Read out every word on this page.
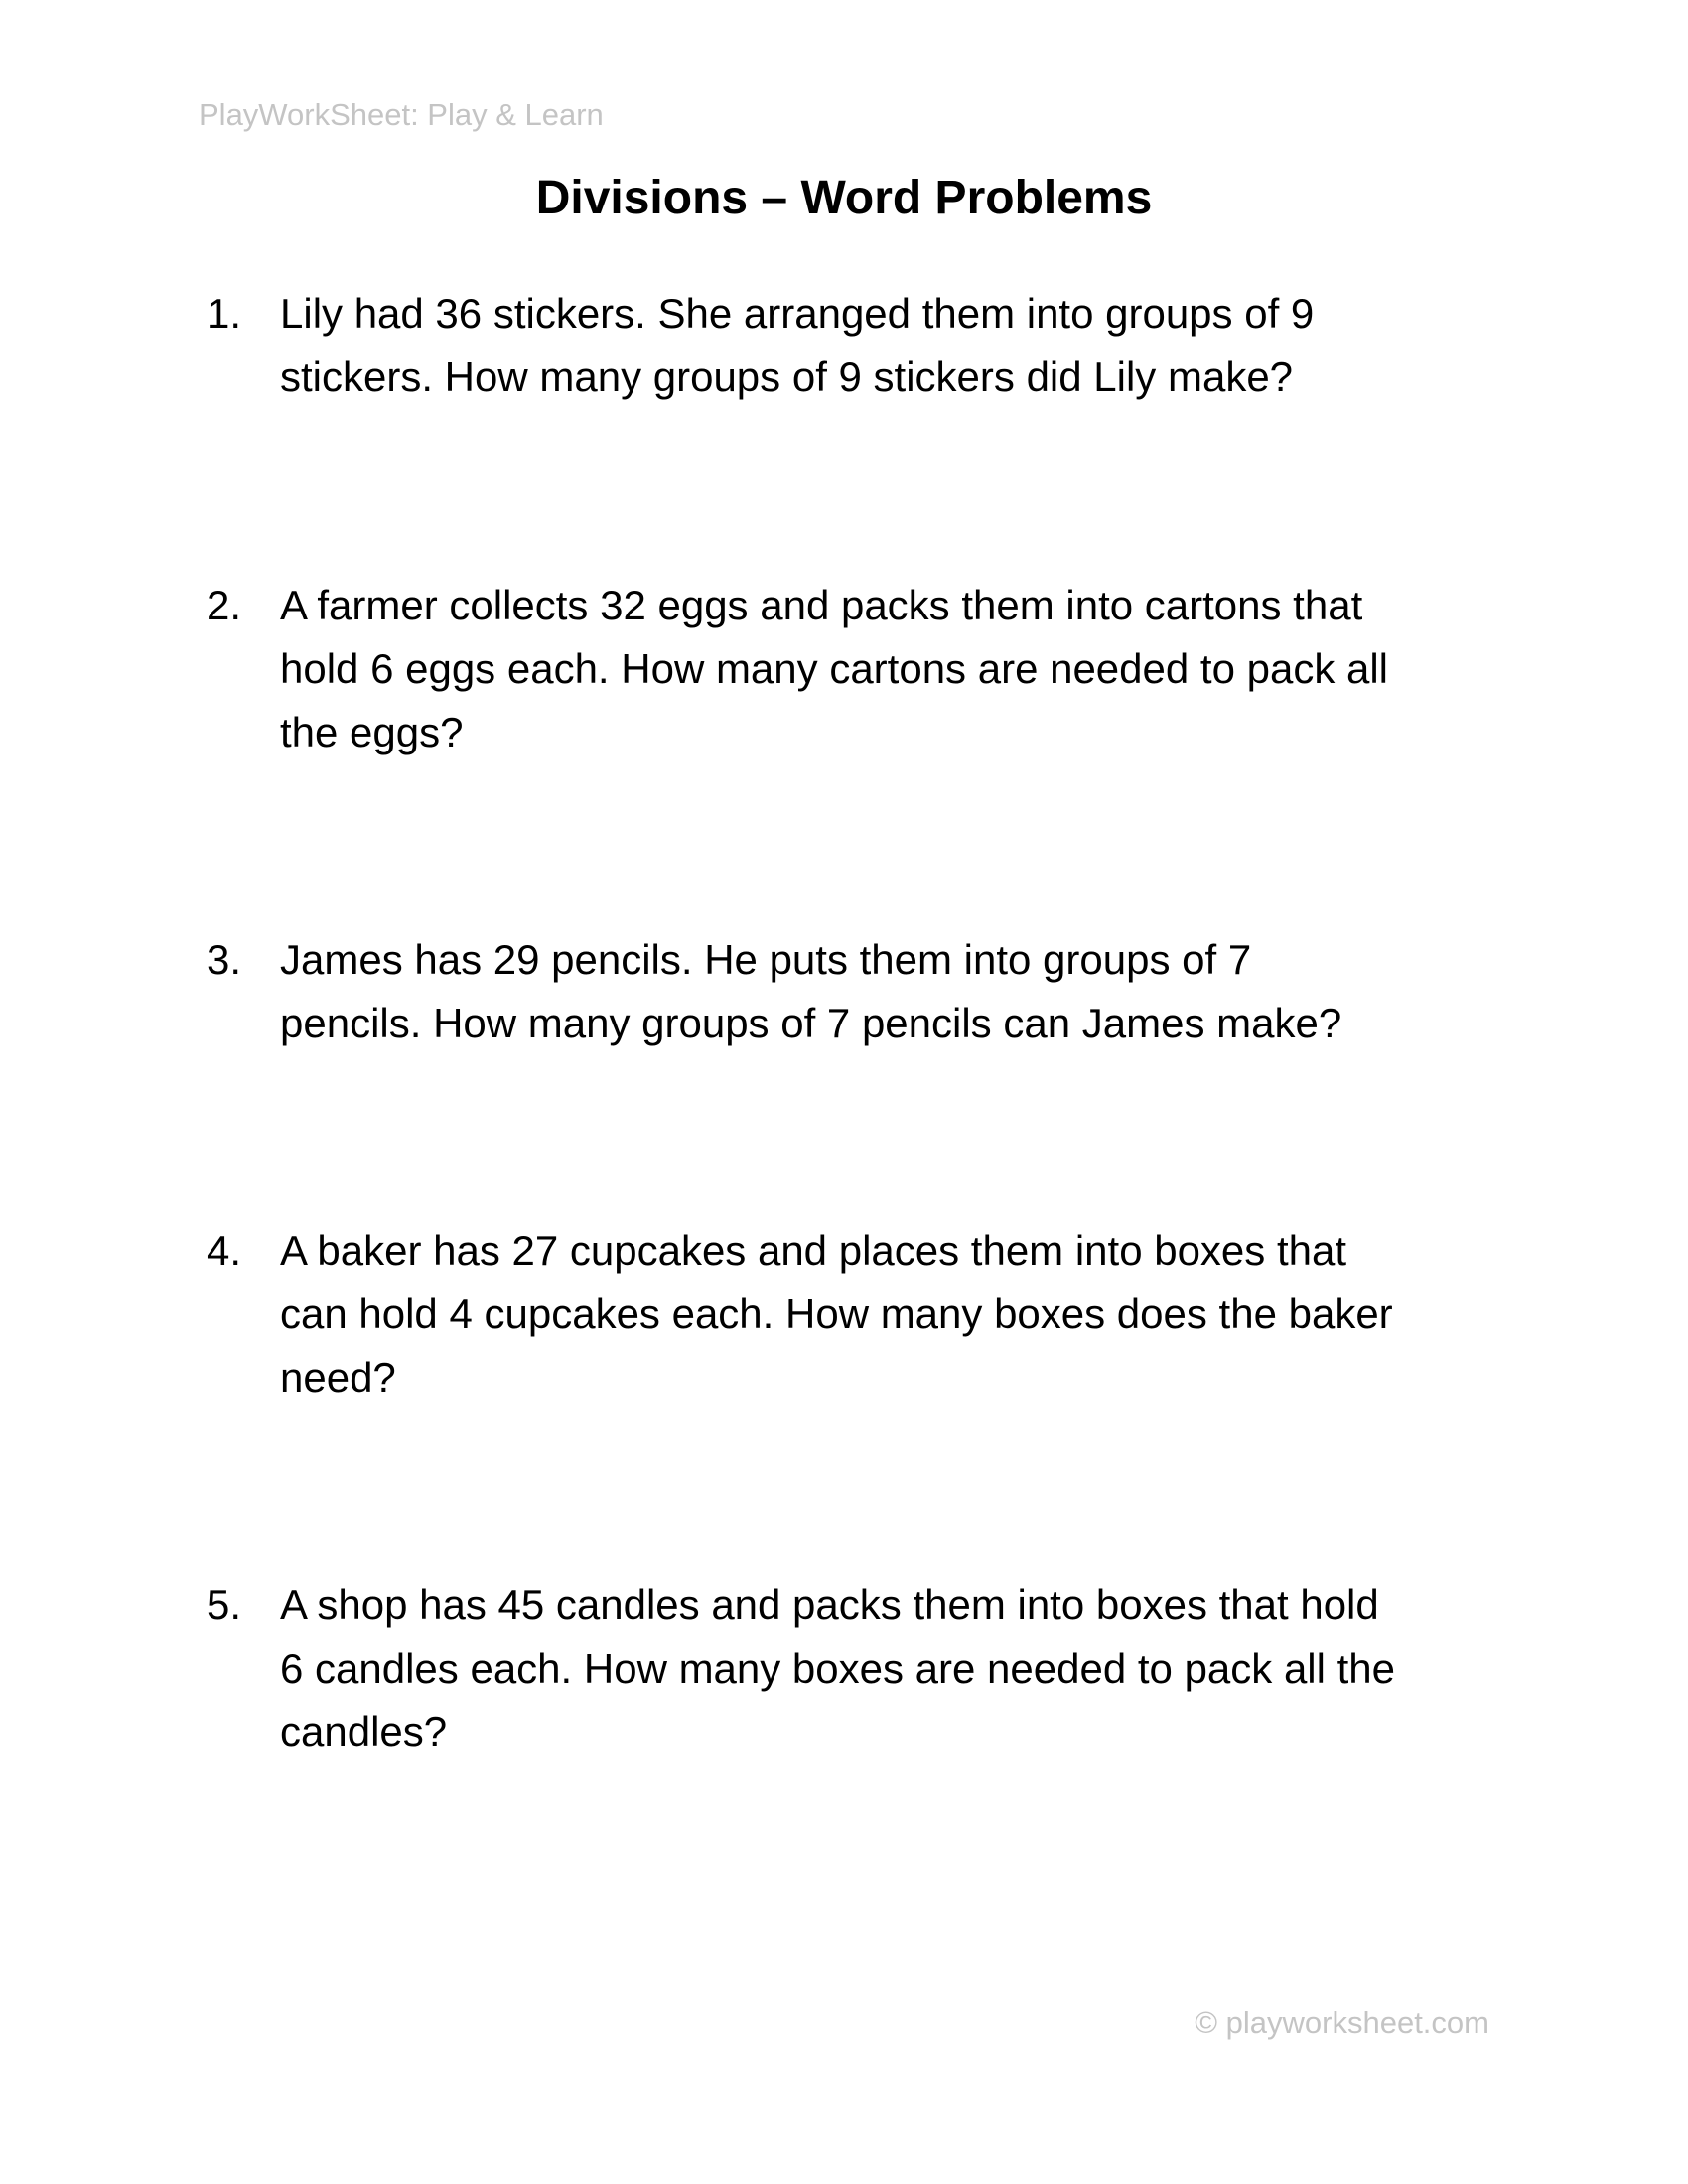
PlayWorkSheet: Play & Learn
Divisions – Word Problems
1. Lily had 36 stickers. She arranged them into groups of 9
stickers. How many groups of 9 stickers did Lily make?
2. A farmer collects 32 eggs and packs them into cartons that
hold 6 eggs each. How many cartons are needed to pack all
the eggs?
3. James has 29 pencils. He puts them into groups of 7
pencils. How many groups of 7 pencils can James make?
4. A baker has 27 cupcakes and places them into boxes that
can hold 4 cupcakes each. How many boxes does the baker
need?
5. A shop has 45 candles and packs them into boxes that hold
6 candles each. How many boxes are needed to pack all the
candles?
© playworksheet.com
